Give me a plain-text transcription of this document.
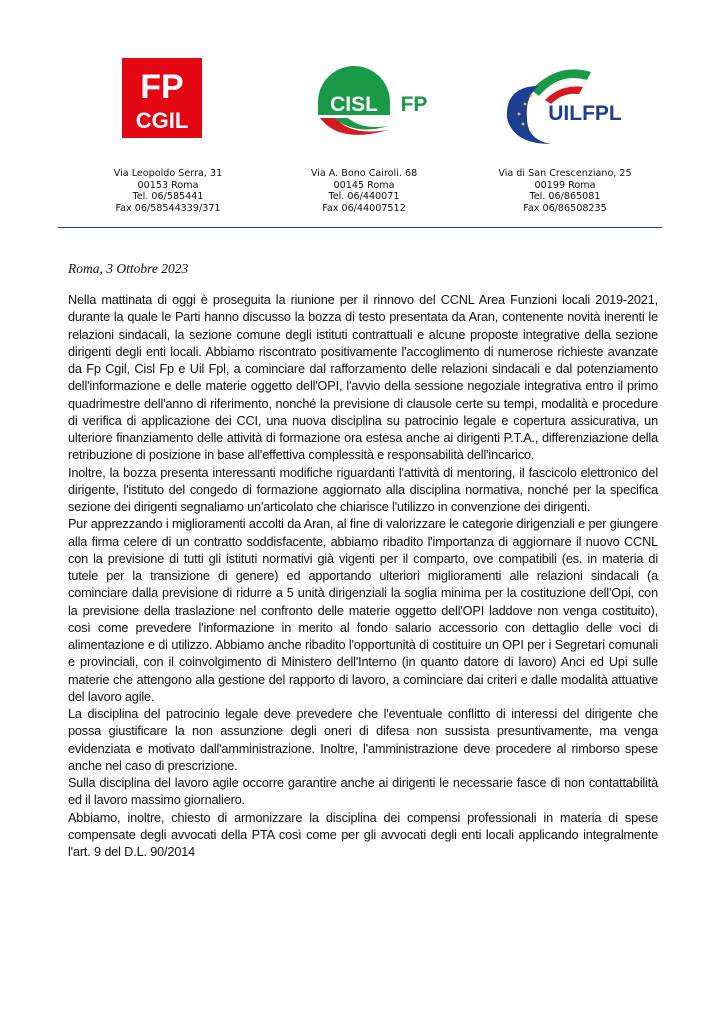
FP
CGIL
CISL FP	UILFPL
Via Leopoldo Serra, 31
00153 Roma
Tel. 06/585441
Fax 06/58544339/371
Via A. Bono Cairoli. 68
00145 Roma
Tel. 06/440071
Fax 06/44007512
Via di San Crescenziano, 25
00199 Roma
Tel. 06/865081
Fax 06/86508235
Roma, 3 Ottobre 2023

Nella mattinata di oggi è proseguita la riunione per il rinnovo del CCNL Area Funzioni locali 2019-2021, durante la quale le Parti hanno discusso la bozza di testo presentata da Aran, contenente novità inerenti le relazioni sindacali, la sezione comune degli istituti contrattuali e alcune proposte integrative della sezione dirigenti degli enti locali. Abbiamo riscontrato positivamente l'accoglimento di numerose richieste avanzate da Fp Cgil, Cisl Fp e Uil Fpl, a cominciare dal rafforzamento delle relazioni sindacali e dal potenziamento dell'informazione e delle materie oggetto dell'OPI, l'avvio della sessione negoziale integrativa entro il primo quadrimestre dell'anno di riferimento, nonché la previsione di clausole certe su tempi, modalità e procedure di verifica di applicazione dei CCI, una nuova disciplina su patrocinio legale e copertura assicurativa, un ulteriore finanziamento delle attività di formazione ora estesa anche ai dirigenti P.T.A., differenziazione della retribuzione di posizione in base all'effettiva complessità e responsabilità dell'incarico.

Inoltre, la bozza presenta interessanti modifiche riguardanti l'attività di mentoring, il fascicolo elettronico del dirigente, l'istituto del congedo di formazione aggiornato alla disciplina normativa, nonché per la specifica sezione dei dirigenti segnaliamo un'articolato che chiarisce l'utilizzo in convenzione dei dirigenti.

Pur apprezzando i miglioramenti accolti da Aran, al fine di valorizzare le categorie dirigenziali e per giungere alla firma celere di un contratto soddisfacente, abbiamo ribadito l'importanza di aggiornare il nuovo CCNL con la previsione di tutti gli istituti normativi già vigenti per il comparto, ove compatibili (es. in materia di tutele per la transizione di genere) ed apportando ulteriori miglioramenti alle relazioni sindacali (a cominciare dalla previsione di ridurre a 5 unità dirigenziali la soglia minima per la costituzione dell'Opi, con la previsione della traslazione nel confronto delle materie oggetto dell'OPI laddove non venga costituito), così come prevedere l'informazione in merito al fondo salario accessorio con dettaglio delle voci di alimentazione e di utilizzo. Abbiamo anche ribadito l'opportunità di costituire un OPI per i Segretari comunali e provinciali, con il coinvolgimento di Ministero dell'Interno (in quanto datore di lavoro) Anci ed Upi sulle materie che attengono alla gestione del rapporto di lavoro, a cominciare dai criteri e dalle modalità attuative del lavoro agile.

La disciplina del patrocinio legale deve prevedere che l'eventuale conflitto di interessi del dirigente che possa giustificare la non assunzione degli oneri di difesa non sussista presuntivamente, ma venga evidenziata e motivato dall'amministrazione. Inoltre, l'amministrazione deve procedere al rimborso spese anche nel caso di prescrizione.

Sulla disciplina del lavoro agile occorre garantire anche ai dirigenti le necessarie fasce di non contattabilità ed il lavoro massimo giornaliero.

Abbiamo, inoltre, chiesto di armonizzare la disciplina dei compensi professionali in materia di spese compensate degli avvocati della PTA così come per gli avvocati degli enti locali applicando integralmente l'art. 9 del D.L. 90/2014
